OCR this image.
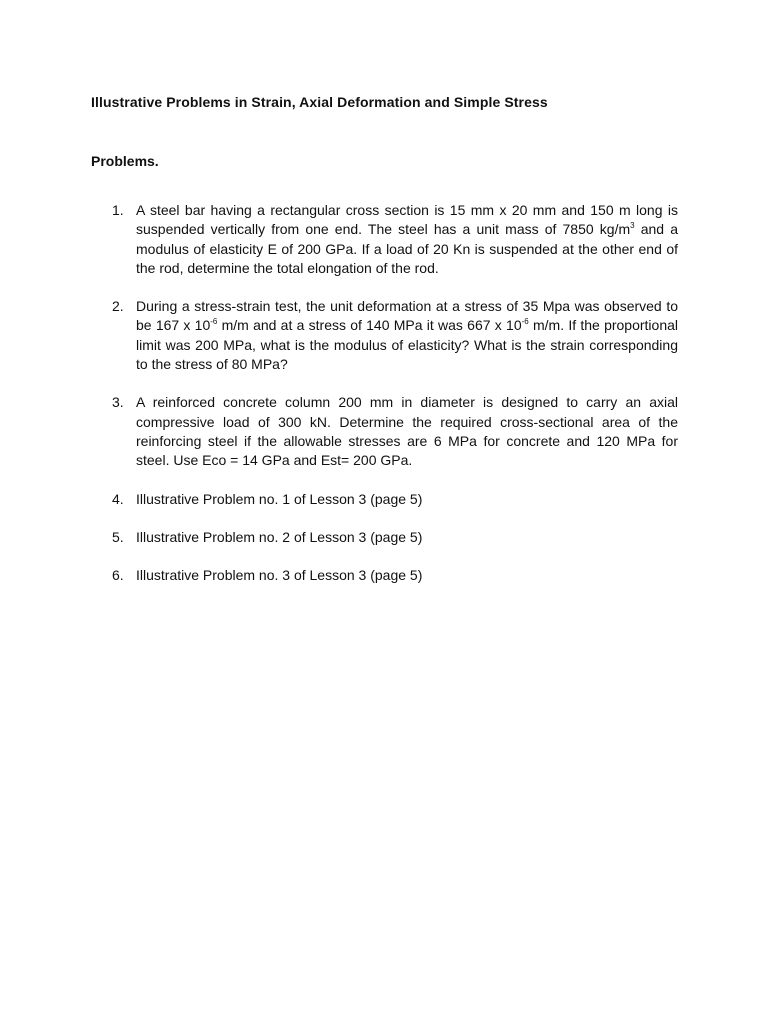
Illustrative Problems in Strain, Axial Deformation and Simple Stress
Problems.
1. A steel bar having a rectangular cross section is 15 mm x 20 mm and 150 m long is suspended vertically from one end. The steel has a unit mass of 7850 $kg/m^3$ and a modulus of elasticity E of 200 GPa. If a load of 20 Kn is suspended at the other end of the rod, determine the total elongation of the rod.
2. During a stress-strain test, the unit deformation at a stress of 35 Mpa was observed to be 167 x $10^{-6}$ m/m and at a stress of 140 MPa it was 667 x $10^{-6}$ m/m. If the proportional limit was 200 MPa, what is the modulus of elasticity? What is the strain corresponding to the stress of 80 MPa?
3. A reinforced concrete column 200 mm in diameter is designed to carry an axial compressive load of 300 kN. Determine the required cross-sectional area of the reinforcing steel if the allowable stresses are 6 MPa for concrete and 120 MPa for steel. Use Eco = 14 GPa and Est= 200 GPa.
4. Illustrative Problem no. 1 of Lesson 3 (page 5)
5. Illustrative Problem no. 2 of Lesson 3 (page 5)
6. Illustrative Problem no. 3 of Lesson 3 (page 5)
